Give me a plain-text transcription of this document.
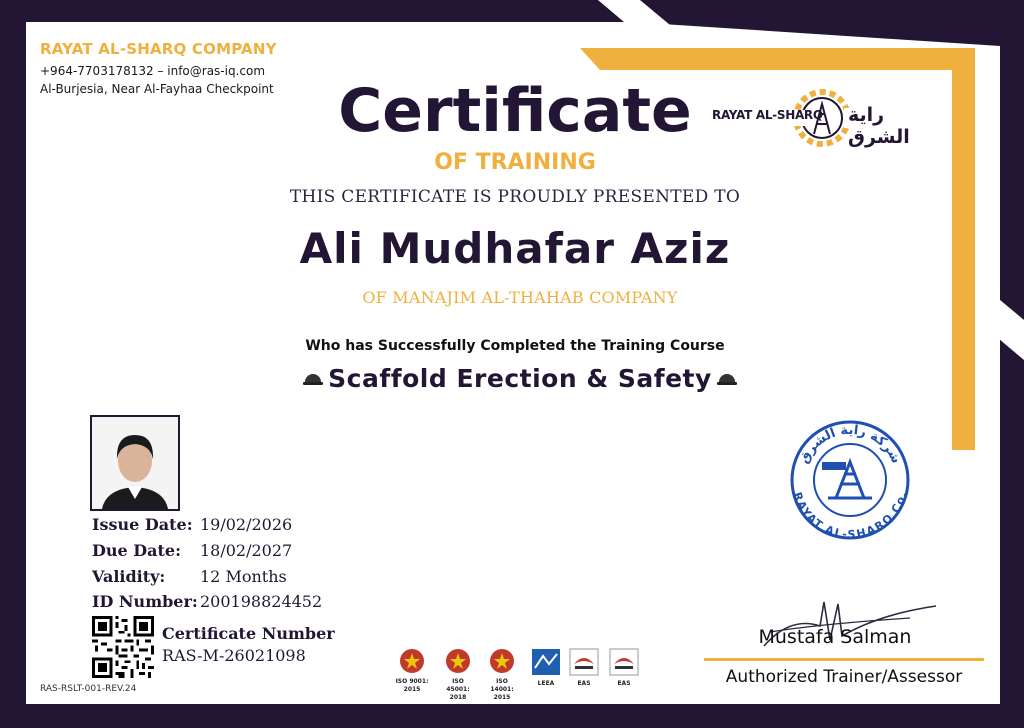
RAYAT AL-SHARQ COMPANY
+964-7703178132 – info@ras-iq.com
Al-Burjesia, Near Al-Fayhaa Checkpoint
RAYAT AL-SHARQ راية الشرق
Certificate
OF TRAINING
THIS CERTIFICATE IS PROUDLY PRESENTED TO
Ali Mudhafar Aziz
OF MANAJIM AL-THAHAB COMPANY
Who has Successfully Completed the Training Course
Scaffold Erection & Safety
Issue Date: 19/02/2026
Due Date: 18/02/2027
Validity: 12 Months
ID Number: 200198824452
Certificate Number
RAS-M-26021098
RAS-RSLT-001-REV.24
ISO 9001:
2015
ISO 45001:
2018
ISO 14001:
2015
LEEA	EAS	EAS
شركة راية الشرق
RAYAT AL-SHARQ Co.
Mustafa Salman
Authorized Trainer/Assessor
